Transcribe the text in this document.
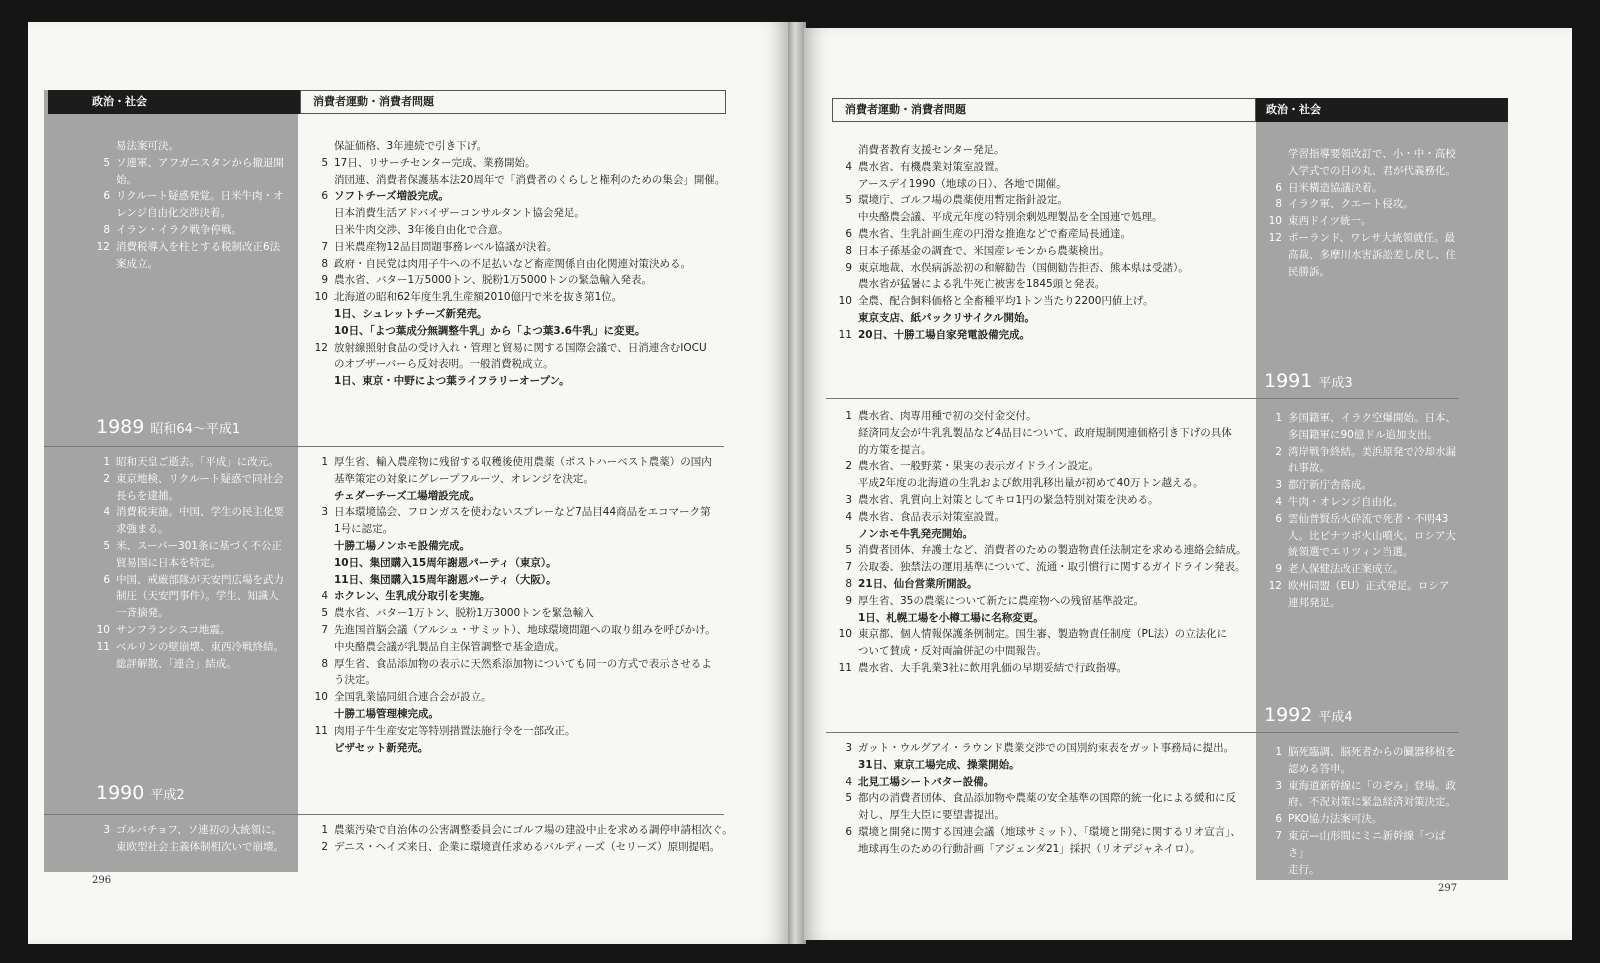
政治・社会	消費者運動・消費者問題
1989 昭和64〜平成1
1990 平成2
易法案可決。
5 ソ連軍、アフガニスタンから撤退開
始。
6 リクルート疑惑発覚。日米牛肉・オ
レンジ自由化交渉決着。
8 イラン・イラク戦争停戦。
12 消費税導入を柱とする税制改正6法
案成立。
保証価格、3年連続で引き下げ。
5 17日、リサーチセンター完成、業務開始。
消団連、消費者保護基本法20周年で「消費者のくらしと権利のための集会」開催。
6 ソフトチーズ増設完成。
日本消費生活アドバイザーコンサルタント協会発足。
日米牛肉交渉、3年後自由化で合意。
7 日米農産物12品目問題事務レベル協議が決着。
8 政府・自民党は肉用子牛への不足払いなど畜産関係自由化関連対策決める。
9 農水省、バター1万5000トン、脱粉1万5000トンの緊急輸入発表。
10 北海道の昭和62年度生乳生産額2010億円で米を抜き第1位。
1日、シュレットチーズ新発売。
10日、「よつ葉成分無調整牛乳」から「よつ葉3.6牛乳」に変更。
12 放射線照射食品の受け入れ・管理と貿易に関する国際会議で、日消連含むIOCU
のオブザーバーら反対表明。一般消費税成立。
1日、東京・中野によつ葉ライフラリーオープン。
1 昭和天皇ご逝去。「平成」に改元。
2 東京地検、リクルート疑惑で同社会
長らを逮捕。
4 消費税実施。中国、学生の民主化要
求強まる。
5 米、スーパー301条に基づく不公正
貿易国に日本を特定。
6 中国、戒厳部隊が天安門広場を武力
制圧（天安門事件）。学生、知識人
一斉摘発。
10 サンフランシスコ地震。
11 ベルリンの壁崩壊、東西冷戦終結。
総評解散、「連合」結成。
1 厚生省、輸入農産物に残留する収穫後使用農薬（ポストハーベスト農薬）の国内
基準策定の対象にグレープフルーツ、オレンジを決定。
チェダーチーズ工場増設完成。
3 日本環境協会、フロンガスを使わないスプレーなど7品目44商品をエコマーク第
1号に認定。
十勝工場ノンホモ設備完成。
10日、集団購入15周年謝恩パーティ（東京）。
11日、集団購入15周年謝恩パーティ（大阪）。
4 ホクレン、生乳成分取引を実施。
5 農水省、バター1万トン、脱粉1万3000トンを緊急輸入
7 先進国首脳会議（アルシュ・サミット）、地球環境問題への取り組みを呼びかけ。
中央酪農会議が乳製品自主保管調整で基金造成。
8 厚生省、食品添加物の表示に天然系添加物についても同一の方式で表示させるよ
う決定。
10 全国乳業協同組合連合会が設立。
十勝工場管理棟完成。
11 肉用子牛生産安定等特別措置法施行令を一部改正。
ピザセット新発売。
3 ゴルバチョフ、ソ連初の大統領に。
東欧型社会主義体制相次いで崩壊。
1 農薬汚染で自治体の公害調整委員会にゴルフ場の建設中止を求める調停申請相次ぐ。
2 デニス・ヘイズ来日、企業に環境責任求めるバルディーズ（セリーズ）原則提唱。
296
消費者運動・消費者問題	政治・社会
1991 平成3
1992 平成4
消費者教育支援センター発足。
4 農水省、有機農業対策室設置。
アースデイ1990（地球の日）、各地で開催。
5 環境庁、ゴルフ場の農薬使用暫定指針設定。
中央酪農会議、平成元年度の特別余剰処理製品を全国連で処理。
6 農水省、生乳計画生産の円滑な推進などで畜産局長通達。
8 日本子孫基金の調査で、米国産レモンから農薬検出。
9 東京地裁、水俣病訴訟初の和解勧告（国側勧告拒否、熊本県は受諾）。
農水省が猛暑による乳牛死亡被害を1845頭と発表。
10 全農、配合飼料価格と全畜種平均1トン当たり2200円値上げ。
東京支店、紙パックリサイクル開始。
11 20日、十勝工場自家発電設備完成。
学習指導要領改訂で、小・中・高校
入学式での日の丸、君が代義務化。
6 日米構造協議決着。
8 イラク軍、クエート侵攻。
10 東西ドイツ統一。
12 ポーランド、ワレサ大統領就任。最
高裁、多摩川水害訴訟差し戻し、住
民勝訴。
1 農水省、肉専用種で初の交付金交付。
経済同友会が牛乳乳製品など4品目について、政府規制関連価格引き下げの具体
的方策を提言。
2 農水省、一般野菜・果実の表示ガイドライン設定。
平成2年度の北海道の生乳および飲用乳移出量が初めて40万トン越える。
3 農水省、乳質向上対策としてキロ1円の緊急特別対策を決める。
4 農水省、食品表示対策室設置。
ノンホモ牛乳発売開始。
5 消費者団体、弁護士など、消費者のための製造物責任法制定を求める連絡会結成。
7 公取委、独禁法の運用基準について、流通・取引慣行に関するガイドライン発表。
8 21日、仙台営業所開設。
9 厚生省、35の農薬について新たに農産物への残留基準設定。
1日、札幌工場を小樽工場に名称変更。
10 東京都、個人情報保護条例制定。国生審、製造物責任制度（PL法）の立法化に
ついて賛成・反対両論併記の中間報告。
11 農水省、大手乳業3社に飲用乳価の早期妥結で行政指導。
1 多国籍軍、イラク空爆開始。日本、
多国籍軍に90億ドル追加支出。
2 湾岸戦争終結。美浜原発で冷却水漏
れ事故。
3 都庁新庁舎落成。
4 牛肉・オレンジ自由化。
6 雲仙普賢岳火砕流で死者・不明43
人。比ピナツボ火山噴火。ロシア大
統領選でエリツィン当選。
9 老人保健法改正案成立。
12 欧州同盟（EU）正式発足。ロシア
連邦発足。
3 ガット・ウルグアイ・ラウンド農業交渉での国別約束表をガット事務局に提出。
31日、東京工場完成、操業開始。
4 北見工場シートバター設備。
5 都内の消費者団体、食品添加物や農薬の安全基準の国際的統一化による緩和に反
対し、厚生大臣に要望書提出。
6 環境と開発に関する国連会議（地球サミット）、「環境と開発に関するリオ宣言」、
地球再生のための行動計画「アジェンダ21」採択（リオデジャネイロ）。
1 脳死臨調、脳死者からの臓器移植を
認める答申。
3 東海道新幹線に「のぞみ」登場。政
府、不況対策に緊急経済対策決定。
6 PKO協力法案可決。
7 東京—山形間にミニ新幹線「つばさ」
走行。
297
